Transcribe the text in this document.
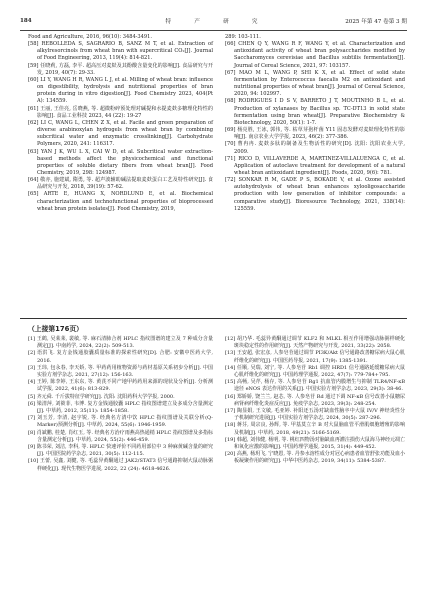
184	特　　产　　研　　究	2025 年第 47 卷第 3 期

Food and Agriculture, 2016, 96(10): 3484-3491.

[58] REBOLLEDA S, SAGRARIO B, SANZ M T, et al. Extraction of alkylresorcinols from wheat bran with supercritical CO₂[J]. Journal of Food Engineering, 2013, 119(4): 814-821.

[59] 任晓莉, 方磊, 李平. 超高压对麦麸及其酚酸含量变化的影响[J]. 食品研究与开发, 2019, 40(7): 29-33.

[60] LI Y, WANG H R, WANG L J, et al. Milling of wheat bran: influence on digestibility, hydrolysis and nutritional properties of bran protein during in vitro digestion[J]. Food Chemistry 2023, 404(Pt A): 134559.

[61] 王丽, 王佳亮, 岳晓燕, 等. 超微粉碎预处理对碱提和水提麦麸多糖理化特性的影响[J]. 食品工业科技 2023, 44 (22): 19-27

[62] LI C, WANG L, CHEN Z X, et al. Facile and green preparation of diverse arabinoxylan hydrogels from wheat bran by combining subcritical water and enzymatic crosslinking[J]. Carbohydrate Polymers, 2020, 241: 116317.

[63] YAN J K, WU L X, CAI W D, et al. Subcritical water extraction-based methods affect the physicochemical and functional properties of soluble dietary fibers from wheat bran[J]. Food Chemistry, 2019, 298: 124987.

[64] 敬亦, 施建斌, 隋勇, 等. 超声波辅助碱法提取麦麸蛋白工艺及特性研究[J]. 食品研究与开发, 2018, 39(19): 57-62.

[65] ARTE E, HUANG X, NORDLUND E, et al. Biochemical characterization and technofunctional properties of bioprocessed wheat bran protein isolates[J]. Food Chemistry, 2019,

289: 103-111.

[66] CHEN Q Y, WANG R F, WANG Y, et al. Characterization and antioxidant activity of wheat bran polysaccharides modified by Saccharomyces cerevisiae and Bacillus subtilis fermentation[J]. Journal of Cereal Science, 2021, 97: 103157.

[67] MAO M L, WANG P, SHI K X, et al. Effect of solid state fermentation by Enterococcus faecalis M2 on antioxidant and nutritional properties of wheat bran[J]. Journal of Cereal Science, 2020, 94: 102997.

[68] RODRIGUES I D S V, BARRETO J T, MOUTINHO B L, et al. Production of xylanases by Bacillus sp. TC-DT13 in solid state fermentation using bran wheat[J]. Preparative Biochemistry & Biotechnology, 2020, 50(1): 1-7.

[69] 杨亮胜, 王冰, 郭伟, 等. 枯草芽孢杆菌 Y11 固态发酵对麦麸理化特性的影响[J]. 南京农业大学学报, 2023, 46(2): 377-386.

[70] 曹冉冉. 麦麸多肽的制备及生物活性的研究[D]. 沈阳: 沈阳农业大学, 2009.

[71] RICO D, VILLAVERDE A, MARTINEZ-VILLALUENGA C, et al. Application of autoclave treatment for development of a natural wheat bran antioxidant ingredient[J]. Foods, 2020, 9(6): 781.

[72] SONKAR R M, GADE P S, BOKADE V, et al. Ozone assisted autohydrolysis of wheat bran enhances xylooligosaccharide production with low generation of inhibitor compounds: a comparative study[J]. Bioresource Technology, 2021, 338(14): 125559.

（上接第176页）

[1] 王鹤, 吴莱莱, 裴敏, 等. 麻石清肺合剂 HPLC 指纹图谱的建立及 7 种成分含量测定[J]. 中南药学, 2024, 22(2): 509-513.

[2] 语洪飞. 复方金钱通胶囊质量标准的探索性研究[D]. 合肥: 安徽中医药大学, 2016.

[3] 王玮, 包永春, 李天娇, 等. 甲药药用植物资源与药材基原关系初步分析[J]. 中国实验方剂学杂志, 2021, 27(12): 156-163.

[4] 王婷, 陈李婷, 王东东, 等. 黄芪不同产地甲药药用来源的现状及分析[J]. 分析测试学报, 2022, 41(6): 813-829.

[5] 齐元舜. 千斤拔特征学研究[J]. 沈阳: 沈阳药科大学学报, 2000.

[6] 梁清萍, 刘筱菲, 韦博. 复方金钱通胶囊 HPLC 指纹图谱建立及多成分含量测定[J]. 中草药, 2012, 35(11): 1854-1858.

[7] 刘玉芳, 李清, 赵宇锐, 等. 经典名方清中饮 HPLC 指纹图谱及关联分析(Q-Marker)预测分析[J]. 中草药, 2024, 55(6): 1946-1959.

[8] 肖斌鹏, 桂楚, 肖红玉, 等. 经典名方治疗雨燕高热通梢 HPLC 指纹图谱及多指标含量测定分析[J]. 中草药, 2024, 55(2): 446-459.

[9] 陈书荣, 刘洁, 李科, 等. HPLC 快速评价不同药用部位中 3 种麻黄碱含量的研究[J]. 中国医院药学杂志, 2021, 30(5): 112-115.

[10] 王蕾, 吴鑫, 刘健, 等. 毛蕊异黄酮通过 JAK2/STAT3 信号通路抑制大鼠动脉粥样硬化[J]. 现代生物医学进展, 2022, 22 (24): 4618-4626.

[12] 胡乃华. 毛蕊异黄酮通过调节 KLF2 和 MLKL 相互作用增强动脉粥样硬化斑块稳定性的作用研究[J]. 天然产物研究与开发, 2021, 33(22): 2058.

[13] 王安超, 张宏彦, 人参皂苷通过调节 PI3K/Akt 信号通路改善糖尿病大鼠心肌纤维化的研究[J]. 中国医药导报, 2021, 17(9): 1385-1391.

[14] 任顺, 吴瑞, 刘宁, 等. 人参皂苷 Rb1 调控 HRD1 信号通路延缓糖尿病大鼠心肌纤维化的研究[J]. 中国药理学通报, 2022, 47(7): 779-784+795.

[15] 高畅, 吴芹, 杨存, 等. 人参皂苷 Rg1 抗血管内膜增生与抑制 TLR4/NF-κB 途径 eNOS 表达作用的关系[J]. 中国实验方剂学杂志, 2023, 29(3): 38-46.

[16] 郑娇娇, 饶兰兰, 赵芯, 等. 人参皂苷 Rd 通过下调 NF-κB 信号改善小鼠糖尿病肾病纤维化炎症反应[J]. 免疫学杂志, 2023, 39(3): 248-254.

[17] 陶显娟, 王文敏, 毛亚婷. 补阳还五汤对缺血性脑卒中大鼠 IV/V 神经炎性分子机制研究进展[J]. 中国实验方剂学杂志, 2024, 30(5): 287-296.

[18] 蒋芬, 周宗良, 孙辉, 等. 甲基莫立辛 B 对大鼠脑血管平滑肌细胞增殖的影响及机制[J]. 中草药, 2018, 49(21): 5166-5169.

[19] 韩超, 刘伟健, 杨明, 等. 桃红四物汤对脑缺血再灌注损伤大鼠海马神经元凋亡和氧化应激的影响[J]. 中国药理学通报, 2015, 31(4): 449-452.

[20] 高燕, 杨玥飞, 宁晓恩, 等. 丹参水溶性成分对冠心病患者血管舒张功能及血小板凝聚作用的研究[J]. 中华中医药杂志, 2019, 34(11): 5384-5387.
